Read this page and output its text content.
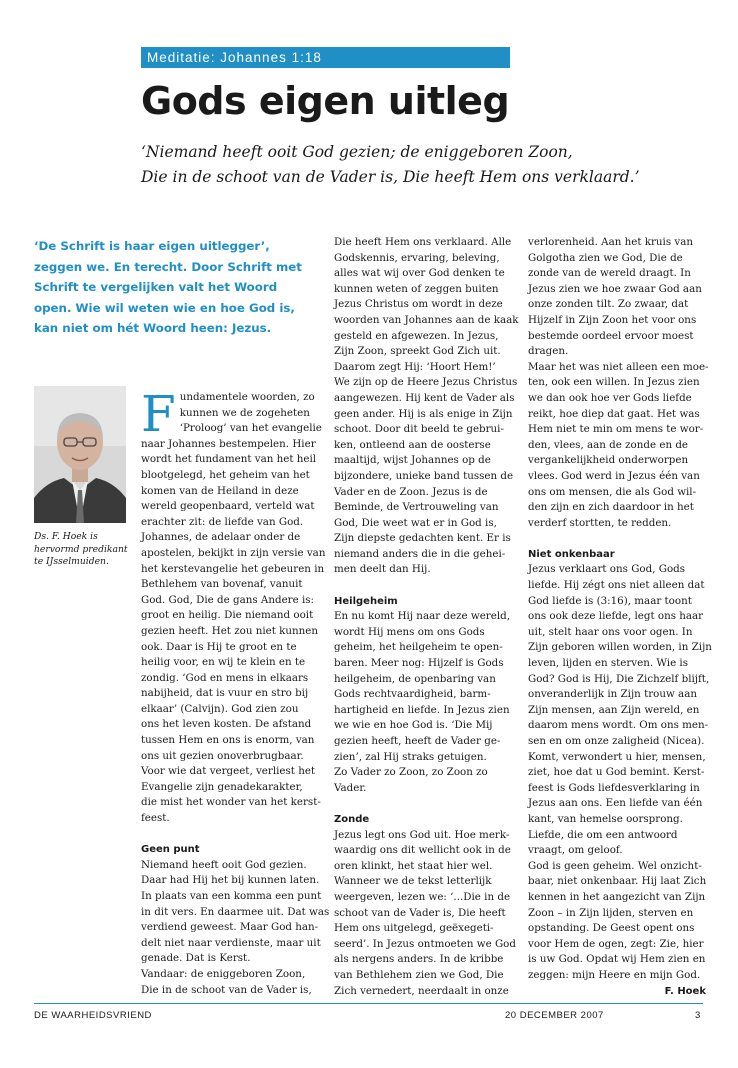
Meditatie: Johannes 1:18
Gods eigen uitleg
‘Niemand heeft ooit God gezien; de eniggeboren Zoon,
Die in de schoot van de Vader is, Die heeft Hem ons verklaard.’
‘De Schrift is haar eigen uitlegger’, zeggen we. En terecht. Door Schrift met Schrift te vergelijken valt het Woord open. Wie wil weten wie en hoe God is, kan niet om hét Woord heen: Jezus.
Ds. F. Hoek is hervormd predikant te IJsselmuiden.
F undamentele woorden, zo
kunnen we de zogeheten
‘Proloog’ van het evangelie
naar Johannes bestempelen. Hier
wordt het fundament van het heil
blootgelegd, het geheim van het
komen van de Heiland in deze
wereld geopenbaard, verteld wat
erachter zit: de liefde van God.
Johannes, de adelaar onder de
apostelen, bekijkt in zijn versie van
het kerstevangelie het gebeuren in
Bethlehem van bovenaf, vanuit
God. God, Die de gans Andere is:
groot en heilig. Die niemand ooit
gezien heeft. Het zou niet kunnen
ook. Daar is Hij te groot en te
heilig voor, en wij te klein en te
zondig. ‘God en mens in elkaars
nabijheid, dat is vuur en stro bij
elkaar’ (Calvijn). God zien zou
ons het leven kosten. De afstand
tussen Hem en ons is enorm, van
ons uit gezien onoverbrugbaar.
Voor wie dat vergeet, verliest het
Evangelie zijn genadekarakter,
die mist het wonder van het kerst-
feest.
Geen punt
Niemand heeft ooit God gezien.
Daar had Hij het bij kunnen laten.
In plaats van een komma een punt
in dit vers. En daarmee uit. Dat was
verdiend geweest. Maar God han-
delt niet naar verdienste, maar uit
genade. Dat is Kerst.
Vandaar: de eniggeboren Zoon,
Die in de schoot van de Vader is,
Die heeft Hem ons verklaard. Alle
Godskennis, ervaring, beleving,
alles wat wij over God denken te
kunnen weten of zeggen buiten
Jezus Christus om wordt in deze
woorden van Johannes aan de kaak
gesteld en afgewezen. In Jezus,
Zijn Zoon, spreekt God Zich uit.
Daarom zegt Hij: ‘Hoort Hem!’
We zijn op de Heere Jezus Christus
aangewezen. Hij kent de Vader als
geen ander. Hij is als enige in Zijn
schoot. Door dit beeld te gebrui-
ken, ontleend aan de oosterse
maaltijd, wijst Johannes op de
bijzondere, unieke band tussen de
Vader en de Zoon. Jezus is de
Beminde, de Vertrouweling van
God, Die weet wat er in God is,
Zijn diepste gedachten kent. Er is
niemand anders die in die gehei-
men deelt dan Hij.
Heilgeheim
En nu komt Hij naar deze wereld,
wordt Hij mens om ons Gods
geheim, het heilgeheim te open-
baren. Meer nog: Hijzelf is Gods
heilgeheim, de openbaring van
Gods rechtvaardigheid, barm-
hartigheid en liefde. In Jezus zien
we wie en hoe God is. ‘Die Mij
gezien heeft, heeft de Vader ge-
zien’, zal Hij straks getuigen.
Zo Vader zo Zoon, zo Zoon zo
Vader.
Zonde
Jezus legt ons God uit. Hoe merk-
waardig ons dit wellicht ook in de
oren klinkt, het staat hier wel.
Wanneer we de tekst letterlijk
weergeven, lezen we: ‘...Die in de
schoot van de Vader is, Die heeft
Hem ons uitgelegd, geëxegeti-
seerd’. In Jezus ontmoeten we God
als nergens anders. In de kribbe
van Bethlehem zien we God, Die
Zich vernedert, neerdaalt in onze
verlorenheid. Aan het kruis van
Golgotha zien we God, Die de
zonde van de wereld draagt. In
Jezus zien we hoe zwaar God aan
onze zonden tilt. Zo zwaar, dat
Hijzelf in Zijn Zoon het voor ons
bestemde oordeel ervoor moest
dragen.
Maar het was niet alleen een moe-
ten, ook een willen. In Jezus zien
we dan ook hoe ver Gods liefde
reikt, hoe diep dat gaat. Het was
Hem niet te min om mens te wor-
den, vlees, aan de zonde en de
vergankelijkheid onderworpen
vlees. God werd in Jezus één van
ons om mensen, die als God wil-
den zijn en zich daardoor in het
verderf stortten, te redden.
Niet onkenbaar
Jezus verklaart ons God, Gods
liefde. Hij zégt ons niet alleen dat
God liefde is (3:16), maar toont
ons ook deze liefde, legt ons haar
uit, stelt haar ons voor ogen. In
Zijn geboren willen worden, in Zijn
leven, lijden en sterven. Wie is
God? God is Hij, Die Zichzelf blijft,
onveranderlijk in Zijn trouw aan
Zijn mensen, aan Zijn wereld, en
daarom mens wordt. Om ons men-
sen en om onze zaligheid (Nicea).
Komt, verwondert u hier, mensen,
ziet, hoe dat u God bemint. Kerst-
feest is Gods liefdesverklaring in
Jezus aan ons. Een liefde van één
kant, van hemelse oorsprong.
Liefde, die om een antwoord
vraagt, om geloof.
God is geen geheim. Wel onzicht-
baar, niet onkenbaar. Hij laat Zich
kennen in het aangezicht van Zijn
Zoon – in Zijn lijden, sterven en
opstanding. De Geest opent ons
voor Hem de ogen, zegt: Zie, hier
is uw God. Opdat wij Hem zien en
zeggen: mijn Heere en mijn God.
F. Hoek
DE WAARHEIDSVRIEND	20 DECEMBER 2007	3
